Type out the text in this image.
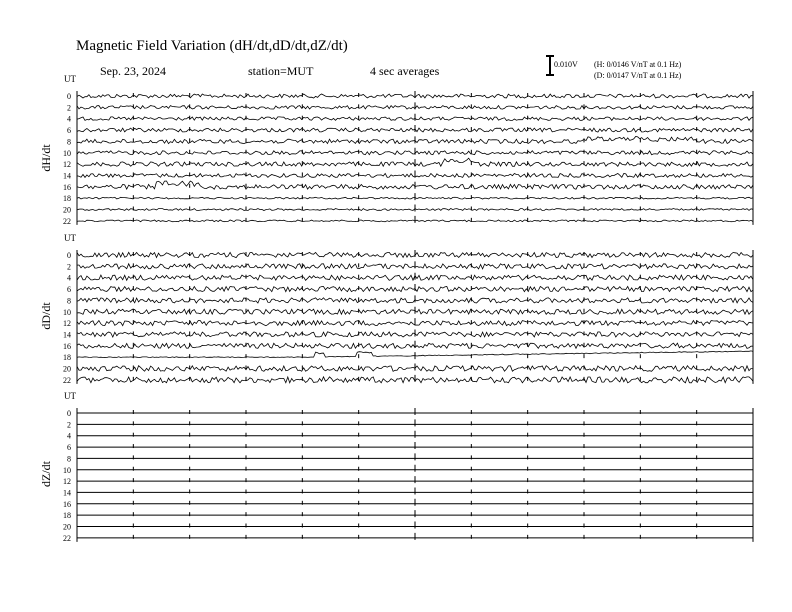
Magnetic Field Variation (dH/dt,dD/dt,dZ/dt)
Sep. 23, 2024	station=MUT	4 sec averages	0.010V (H: 0/0146 V/nT at 0.1 Hz)
(D: 0/0147 V/nT at 0.1 Hz)
UT
dH/dt
0
2
4
6
8
10
12
14
16
18
20
22
UT
dD/dt
0
2
4
6
8
10
12
14
16
18
20
22
UT
dZ/dt
0
2
4
6
8
10
12
14
16
18
20
22
